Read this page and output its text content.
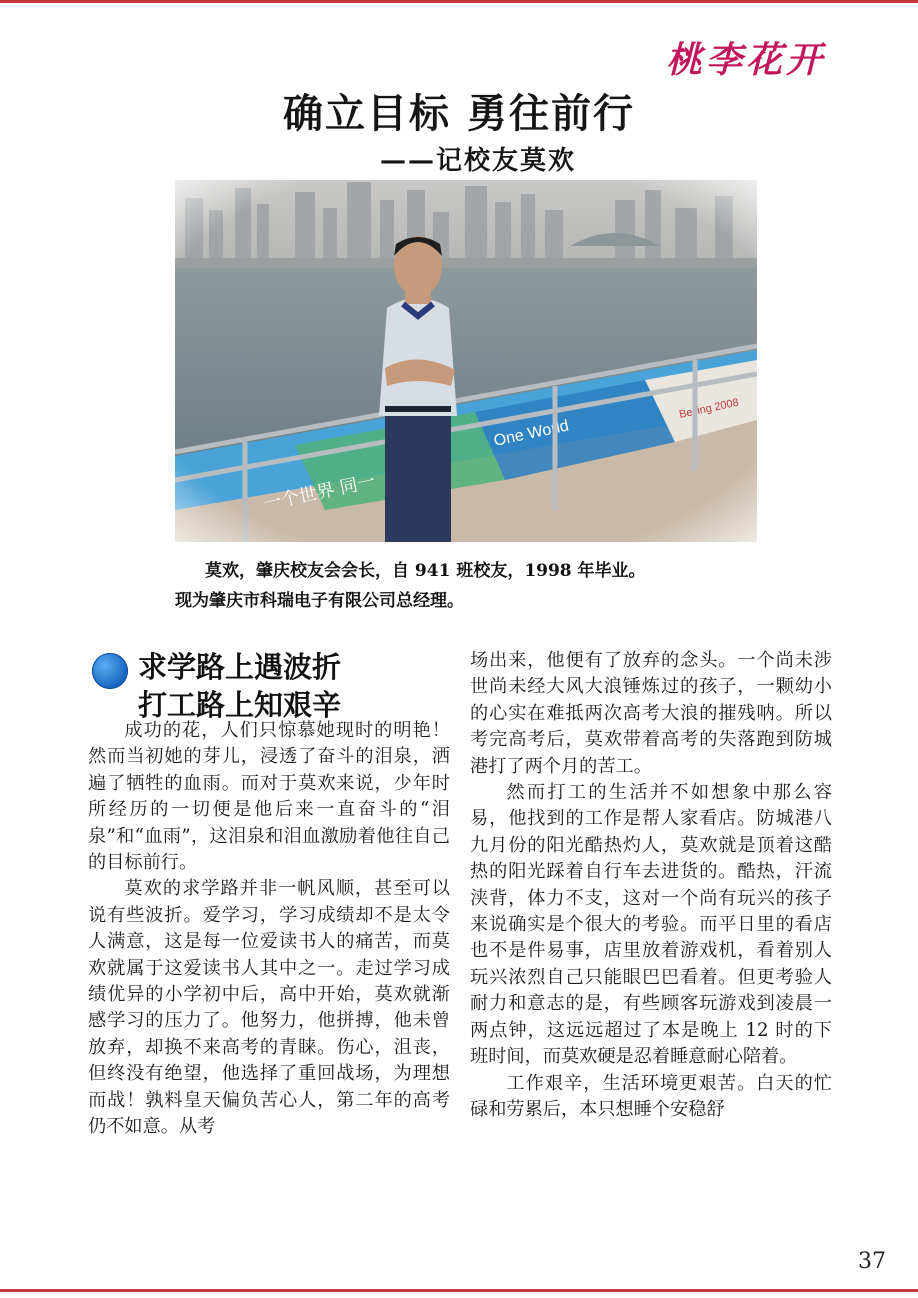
桃李花开
确立目标 勇往前行
——记校友莫欢
莫欢，肇庆校友会会长，自 941 班校友，1998 年毕业。
现为肇庆市科瑞电子有限公司总经理。
求学路上遇波折
打工路上知艰辛

成功的花，人们只惊慕她现时的明艳！然而当初她的芽儿，浸透了奋斗的泪泉，洒遍了牺牲的血雨。而对于莫欢来说，少年时所经历的一切便是他后来一直奋斗的“泪泉”和“血雨”，这泪泉和泪血激励着他往自己的目标前行。

莫欢的求学路并非一帆风顺，甚至可以说有些波折。爱学习，学习成绩却不是太令人满意，这是每一位爱读书人的痛苦，而莫欢就属于这爱读书人其中之一。走过学习成绩优异的小学初中后，高中开始，莫欢就渐感学习的压力了。他努力，他拼搏，他未曾放弃，却换不来高考的青睐。伤心，沮丧，但终没有绝望，他选择了重回战场，为理想而战！孰料皇天偏负苦心人，第二年的高考仍不如意。从考

场出来，他便有了放弃的念头。一个尚未涉世尚未经大风大浪锤炼过的孩子，一颗幼小的心实在难抵两次高考大浪的摧残呐。所以考完高考后，莫欢带着高考的失落跑到防城港打了两个月的苦工。

然而打工的生活并不如想象中那么容易，他找到的工作是帮人家看店。防城港八九月份的阳光酷热灼人，莫欢就是顶着这酷热的阳光踩着自行车去进货的。酷热，汗流浃背，体力不支，这对一个尚有玩兴的孩子来说确实是个很大的考验。而平日里的看店也不是件易事，店里放着游戏机，看着别人玩兴浓烈自己只能眼巴巴看着。但更考验人耐力和意志的是，有些顾客玩游戏到凌晨一两点钟，这远远超过了本是晚上 12 时的下班时间，而莫欢硬是忍着睡意耐心陪着。

工作艰辛，生活环境更艰苦。白天的忙碌和劳累后，本只想睡个安稳舒

37
